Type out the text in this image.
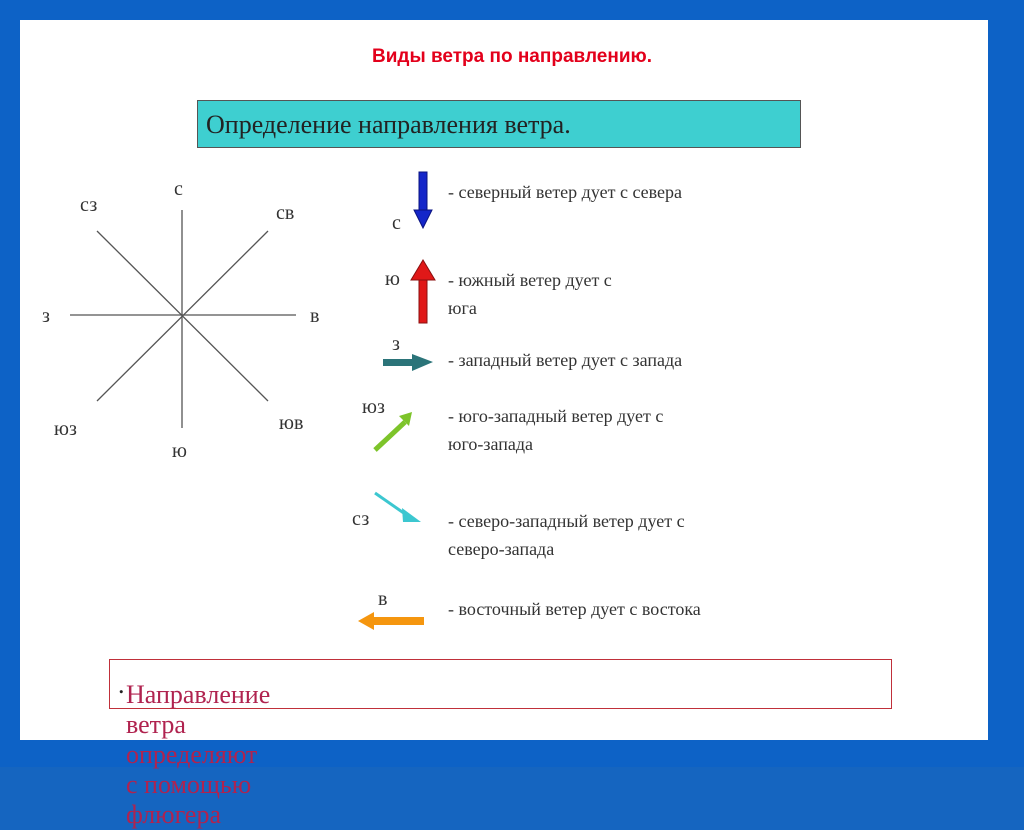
Виды ветра по направлению.
Определение направления ветра.
с
св
в
юв
ю
юз
з
сз
с
ю
з
юз
сз
в
- северный ветер дует с севера
- южный ветер дует с
юга
- западный ветер дует с запада
- юго-западный ветер дует с
юго-запада
- северо-западный ветер дует с
северо-запада
- восточный ветер дует с востока
Направление ветра определяют с помощью флюгера
.
